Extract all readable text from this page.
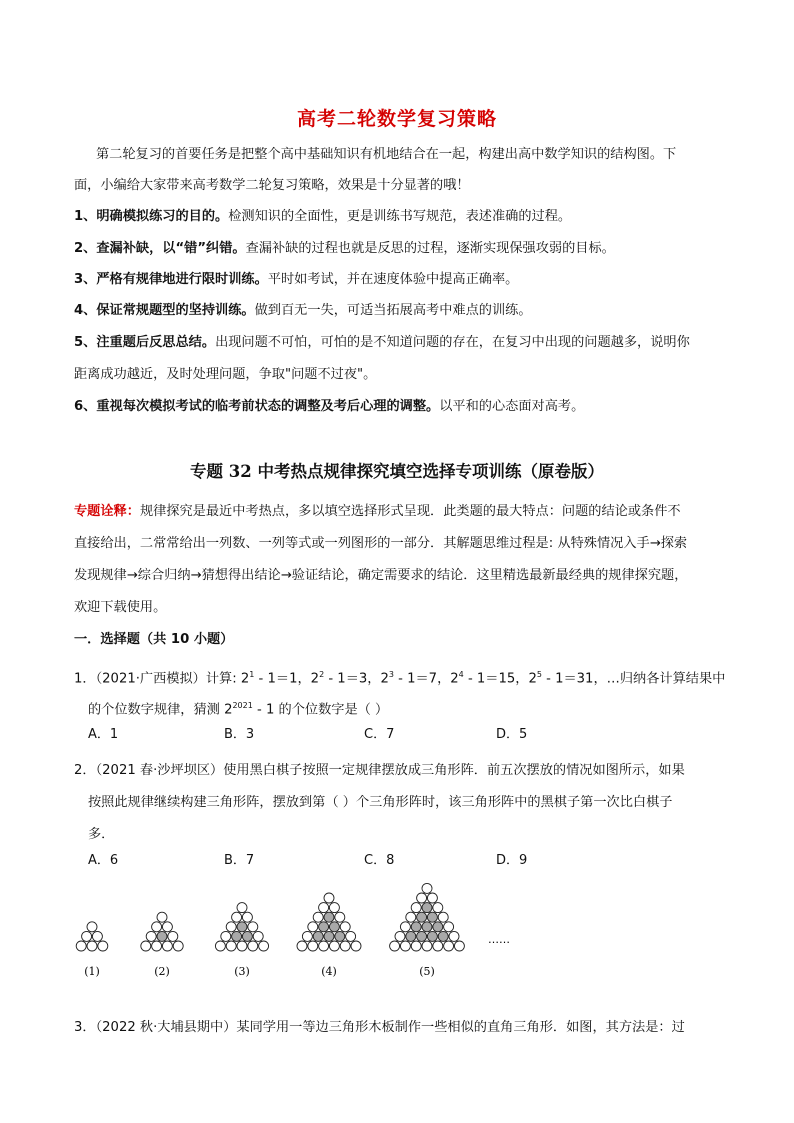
高考二轮数学复习策略
第二轮复习的首要任务是把整个高中基础知识有机地结合在一起，构建出高中数学知识的结构图。下
面，小编给大家带来高考数学二轮复习策略，效果是十分显著的哦！
1、明确模拟练习的目的。检测知识的全面性，更是训练书写规范，表述准确的过程。
2、查漏补缺，以“错”纠错。查漏补缺的过程也就是反思的过程，逐渐实现保强攻弱的目标。
3、严格有规律地进行限时训练。平时如考试，并在速度体验中提高正确率。
4、保证常规题型的坚持训练。做到百无一失，可适当拓展高考中难点的训练。
5、注重题后反思总结。出现问题不可怕，可怕的是不知道问题的存在，在复习中出现的问题越多，说明你
距离成功越近，及时处理问题，争取"问题不过夜"。
6、重视每次模拟考试的临考前状态的调整及考后心理的调整。以平和的心态面对高考。
专题 32 中考热点规律探究填空选择专项训练（原卷版）
专题诠释：规律探究是最近中考热点，多以填空选择形式呈现．此类题的最大特点：问题的结论或条件不
直接给出，二常常给出一列数、一列等式或一列图形的一部分．其解题思维过程是: 从特殊情况入手→探索
发现规律→综合归纳→猜想得出结论→验证结论，确定需要求的结论．这里精选最新最经典的规律探究题，
欢迎下载使用。
一．选择题（共 10 小题）
1．（2021·广西模拟）计算: $2^1 - 1=1$，$2^2 - 1=3$，$2^3 - 1=7$，$2^4 - 1=15$，$2^5 - 1=31$，…归纳各计算结果中
的个位数字规律，猜测 $2^{2021} - 1$ 的个位数字是（ ）
A．1	B．3	C．7	D．5
2．（2021 春·沙坪坝区）使用黑白棋子按照一定规律摆放成三角形阵．前五次摆放的情况如图所示，如果
按照此规律继续构建三角形阵，摆放到第（ ）个三角形阵时，该三角形阵中的黑棋子第一次比白棋子
多．
A．6	B．7	C．8	D．9
(1)	(2)	(3)	(4)	(5)
……
3．（2022 秋·大埔县期中）某同学用一等边三角形木板制作一些相似的直角三角形．如图，其方法是：过
